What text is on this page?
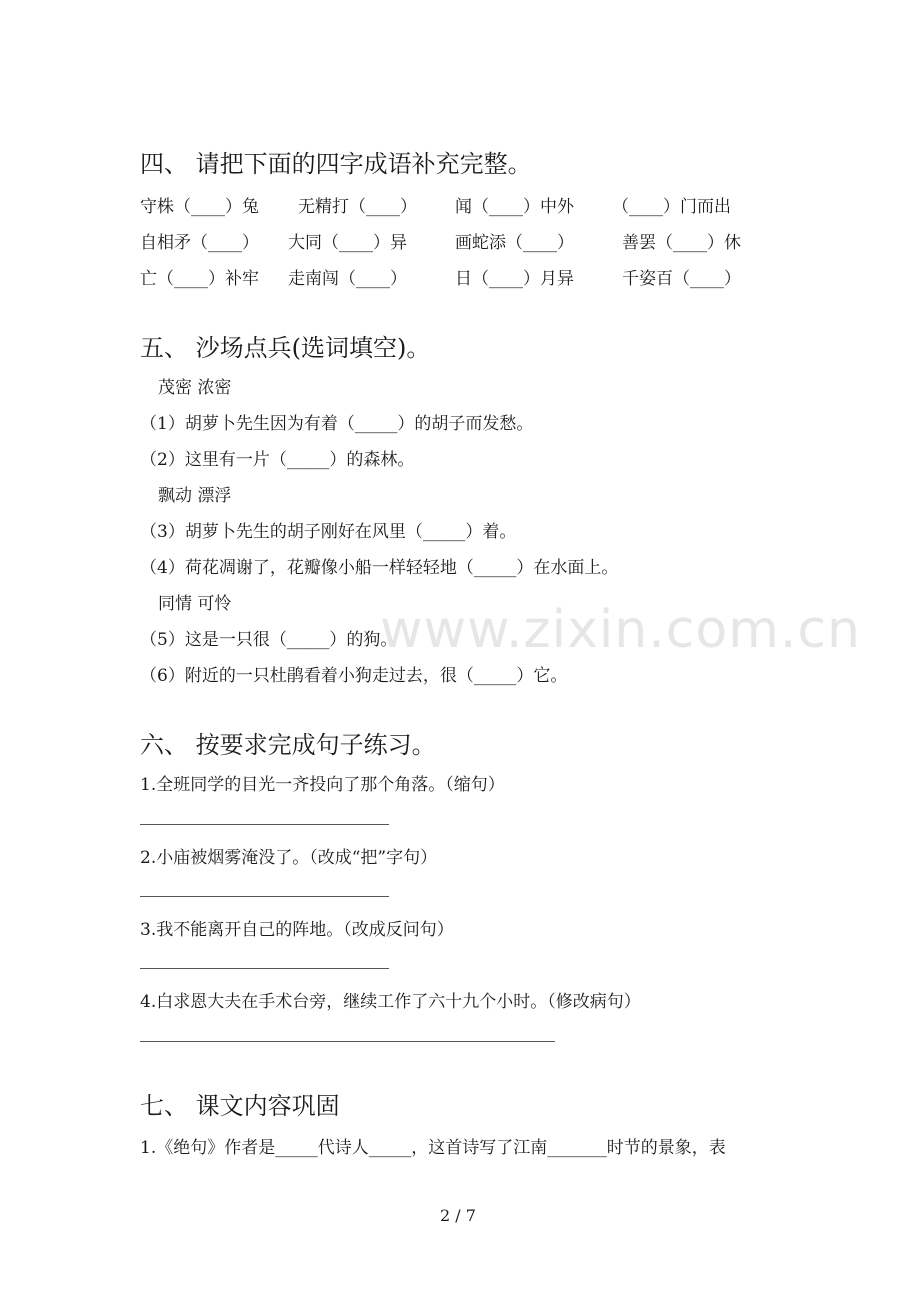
www.zixin.com.cn
四、 请把下面的四字成语补充完整。
守株（____）兔 无精打（____） 闻（____）中外 （____）门而出
自相矛（____） 大同（____）异	画蛇添（____）	善罢（____）休
亡（____）补牢 走南闯（____）	日（____）月异	千姿百（____）
五、 沙场点兵(选词填空)。
茂密 浓密
（1）胡萝卜先生因为有着（_____）的胡子而发愁。
（2）这里有一片（_____）的森林。
飘动 漂浮
（3）胡萝卜先生的胡子刚好在风里（_____）着。
（4）荷花凋谢了，花瓣像小船一样轻轻地（_____）在水面上。
同情 可怜
（5）这是一只很（_____）的狗。
（6）附近的一只杜鹃看着小狗走过去，很（_____）它。
六、 按要求完成句子练习。
1.全班同学的目光一齐投向了那个角落。（缩句）
2.小庙被烟雾淹没了。（改成“把”字句）
3.我不能离开自己的阵地。（改成反问句）
4.白求恩大夫在手术台旁，继续工作了六十九个小时。（修改病句）
七、 课文内容巩固
1.《绝句》作者是_____代诗人_____，这首诗写了江南_______时节的景象，表
2 / 7
